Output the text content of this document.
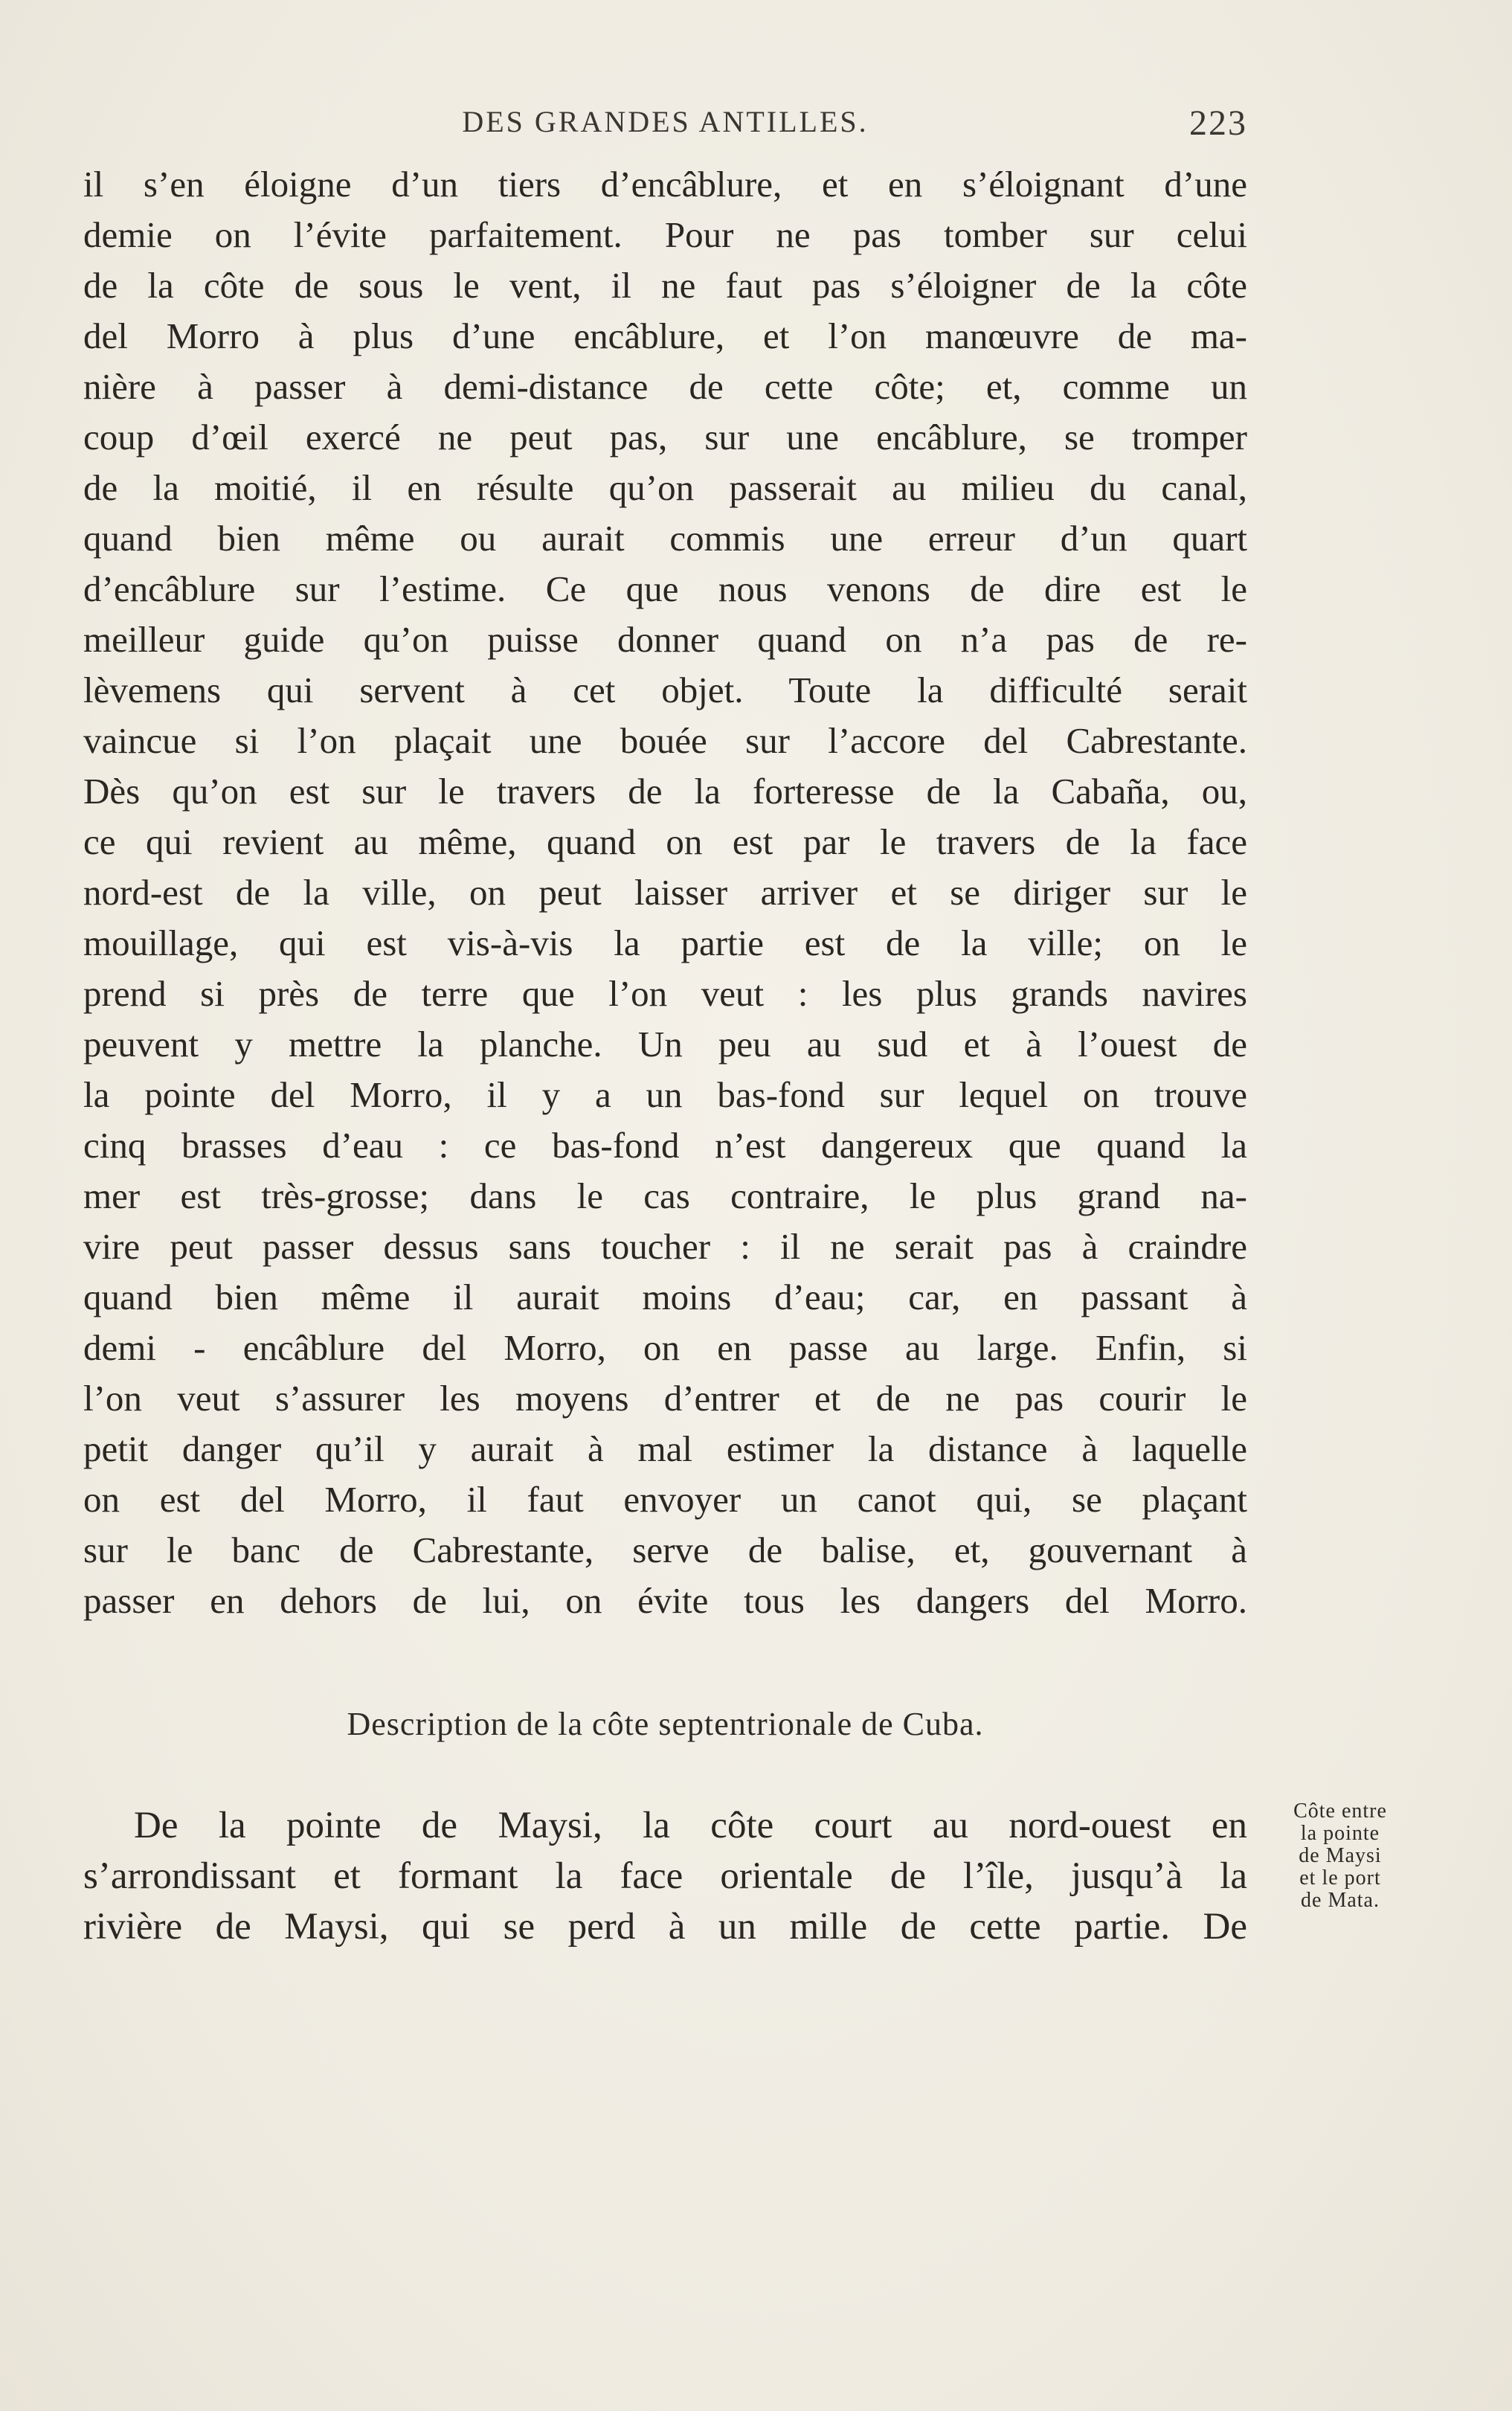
DES GRANDES ANTILLES.	223
il s’en éloigne d’un tiers d’encâblure, et en s’éloignant d’une
demie on l’évite parfaitement. Pour ne pas tomber sur celui
de la côte de sous le vent, il ne faut pas s’éloigner de la côte
del Morro à plus d’une encâblure, et l’on manœuvre de ma-
nière à passer à demi-distance de cette côte; et, comme un
coup d’œil exercé ne peut pas, sur une encâblure, se tromper
de la moitié, il en résulte qu’on passerait au milieu du canal,
quand bien même ou aurait commis une erreur d’un quart
d’encâblure sur l’estime. Ce que nous venons de dire est le
meilleur guide qu’on puisse donner quand on n’a pas de re-
lèvemens qui servent à cet objet. Toute la difficulté serait
vaincue si l’on plaçait une bouée sur l’accore del Cabrestante.
Dès qu’on est sur le travers de la forteresse de la Cabaña, ou,
ce qui revient au même, quand on est par le travers de la face
nord-est de la ville, on peut laisser arriver et se diriger sur le
mouillage, qui est vis-à-vis la partie est de la ville; on le
prend si près de terre que l’on veut : les plus grands navires
peuvent y mettre la planche. Un peu au sud et à l’ouest de
la pointe del Morro, il y a un bas-fond sur lequel on trouve
cinq brasses d’eau : ce bas-fond n’est dangereux que quand la
mer est très-grosse; dans le cas contraire, le plus grand na-
vire peut passer dessus sans toucher : il ne serait pas à craindre
quand bien même il aurait moins d’eau; car, en passant à
demi - encâblure del Morro, on en passe au large. Enfin, si
l’on veut s’assurer les moyens d’entrer et de ne pas courir le
petit danger qu’il y aurait à mal estimer la distance à laquelle
on est del Morro, il faut envoyer un canot qui, se plaçant
sur le banc de Cabrestante, serve de balise, et, gouvernant à
passer en dehors de lui, on évite tous les dangers del Morro.
Description de la côte septentrionale de Cuba.
De la pointe de Maysi, la côte court au nord-ouest en
s’arrondissant et formant la face orientale de l’île, jusqu’à la
rivière de Maysi, qui se perd à un mille de cette partie. De
Côte entre
la pointe
de Maysi
et le port
de Mata.
